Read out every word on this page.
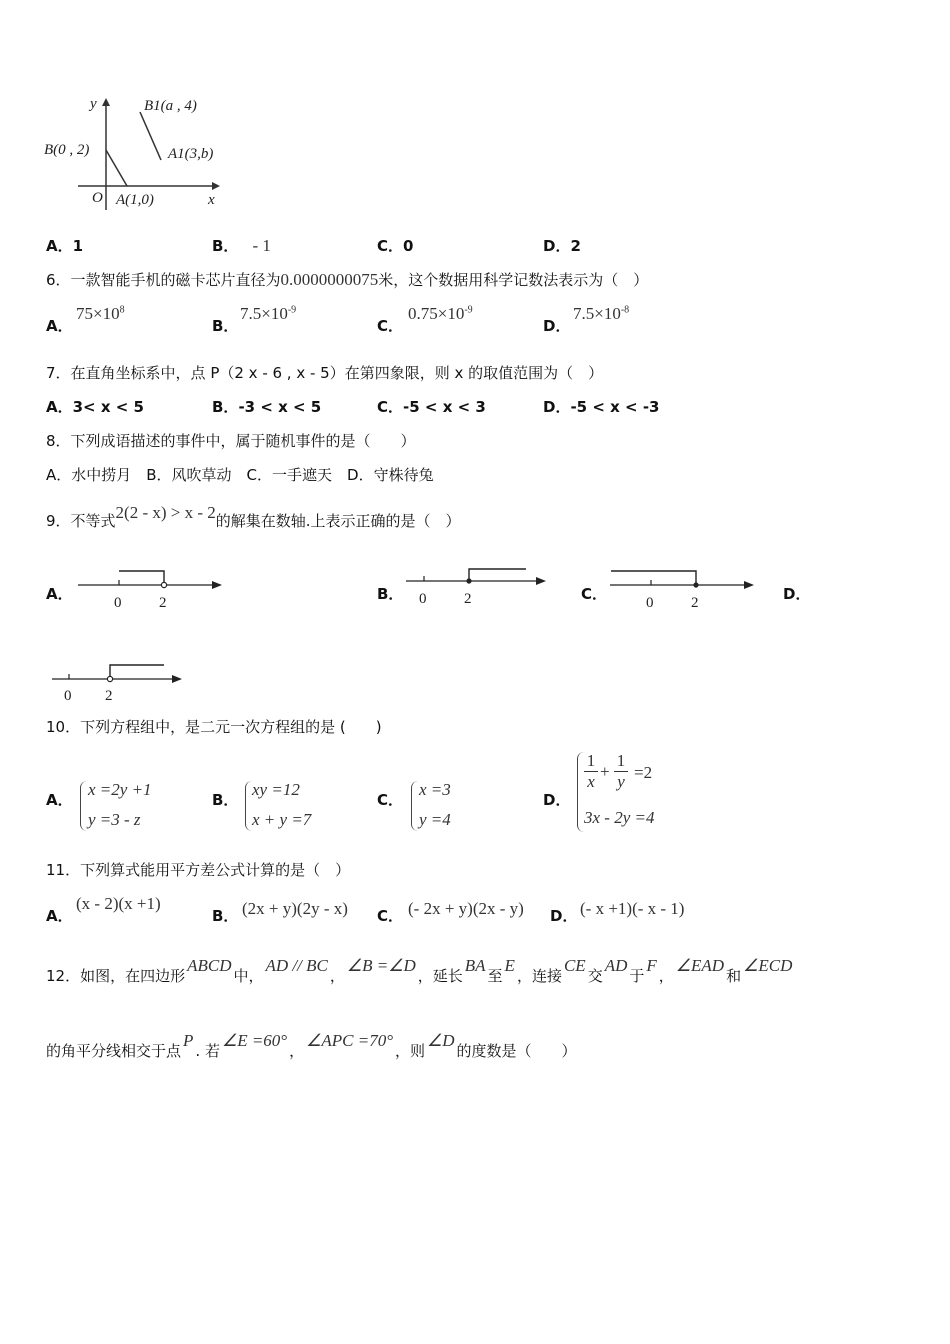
y
x
O
B(0 , 2)
A(1,0)
B1(a , 4)
A1(3,b)
A．1	B． - 1	C．0	D．2
6．一款智能手机的磁卡芯片直径为0.0000000075米，这个数据用科学记数法表示为（　）
A．
$75\times 10^8$
B．
$7.5\times 10^{-9}$
C．
$0.75\times 10^{-9}$
D．
$7.5\times 10^{-8}$
7．在直角坐标系中，点 P（2 x - 6 , x - 5）在第四象限，则 x 的取值范围为（　）
A．3< x < 5	B．-3 < x < 5	C．-5 < x < 3	D．-5 < x < -3
8．下列成语描述的事件中，属于随机事件的是（　　）
A．水中捞月　B．风吹草动　C．一手遮天　D．守株待兔
9．不等式2(2 - x) > x - 2的解集在数轴.上表示正确的是（　）
A．	0	2	B． 0	2	C．	0	2	D．
0 2
10．下列方程组中，是二元一次方程组的是 (　　)
A．
x =2y +1
y =3 - z
B．
xy =12
x + y =7
C．
x =3
y =4
D．
1
x
+
1
y =2
3x - 2y =4
11．下列算式能用平方差公式计算的是（　）
A．
(x - 2)(x +1)
B． (2x + y)(2y - x) C． (- 2x + y)(2x - y) D． (- x +1)(- x - 1)
12．如图，在四边形ABCD中，AD // BC，∠B =∠D，延长BA至E，连接CE交AD于F，∠EAD和∠ECD
的角平分线相交于点P. 若∠E =60°，∠APC =70°，则∠D的度数是（　　）
